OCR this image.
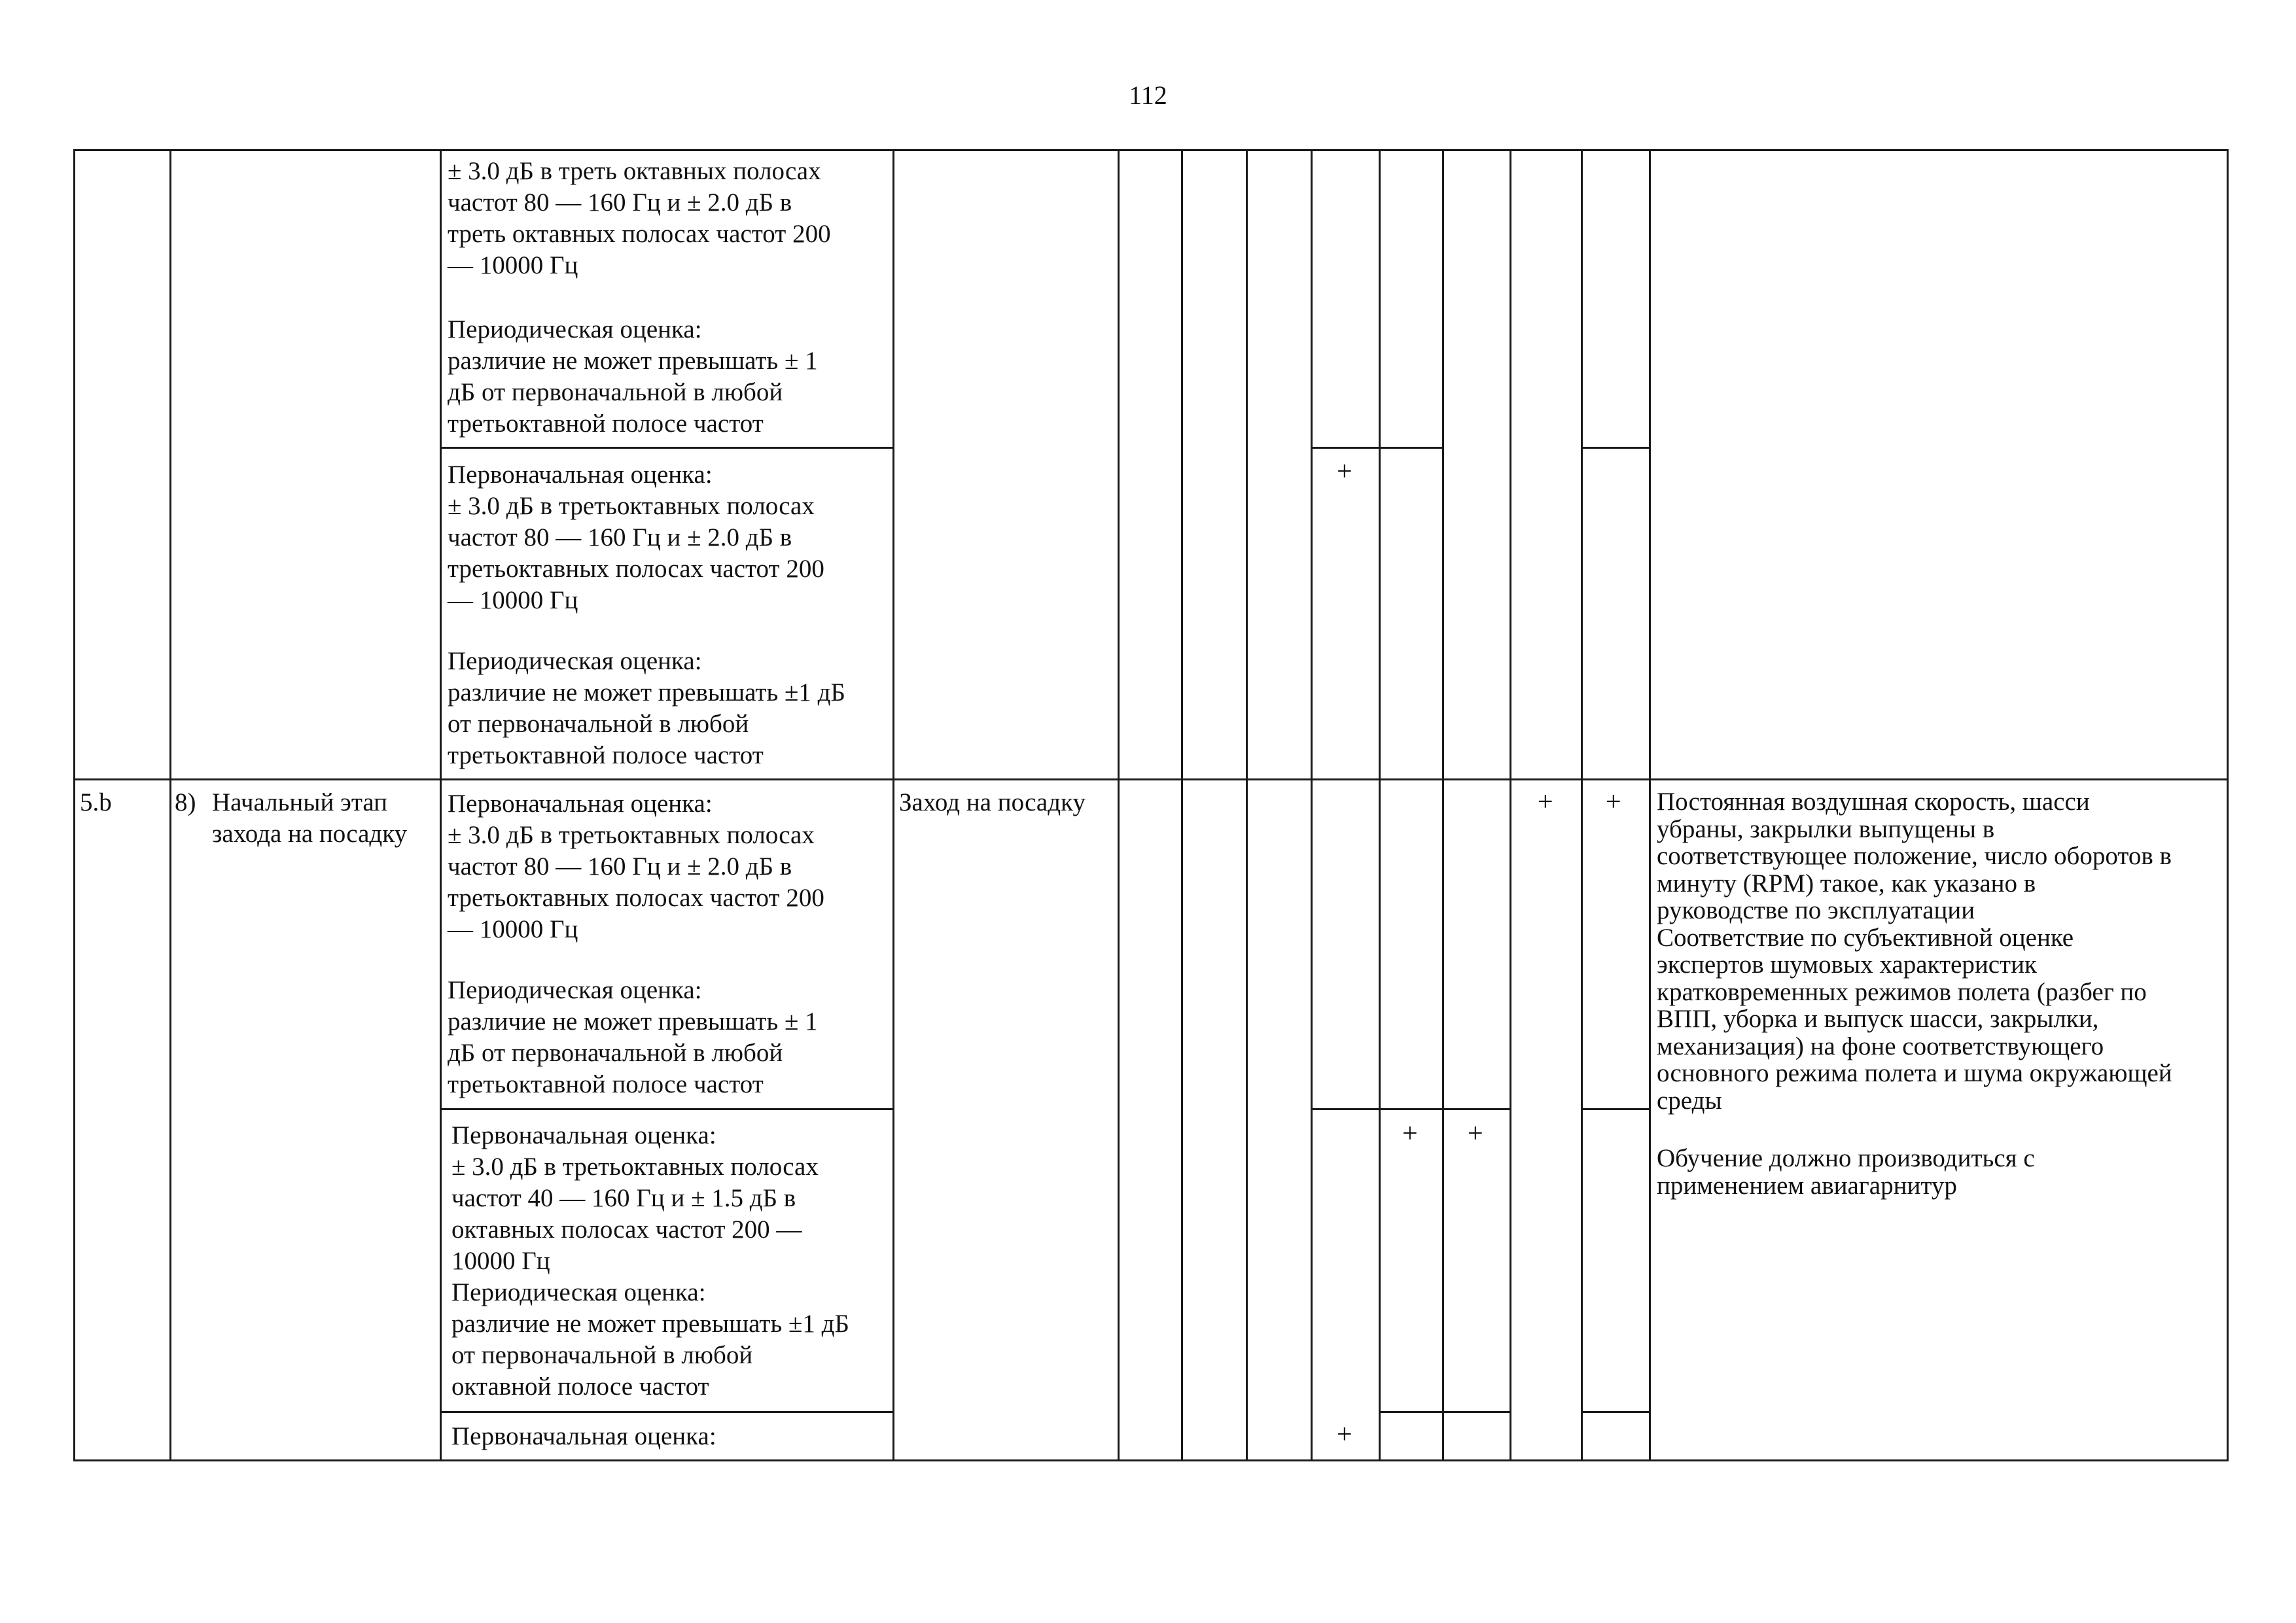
112
± 3.0 дБ в треть октавных полосах
частот 80 — 160 Гц и ± 2.0 дБ в
треть октавных полосах частот 200
— 10000 Гц
Периодическая оценка:
различие не может превышать ± 1
дБ от первоначальной в любой
третьоктавной полосе частот
Первоначальная оценка:
± 3.0 дБ в третьоктавных полосах
частот 80 — 160 Гц и ± 2.0 дБ в
третьоктавных полосах частот 200
— 10000 Гц
Периодическая оценка:
различие не может превышать ±1 дБ
от первоначальной в любой
третьоктавной полосе частот
+
5.b 8) Начальный этап
захода на посадку
Первоначальная оценка:
± 3.0 дБ в третьоктавных полосах
частот 80 — 160 Гц и ± 2.0 дБ в
третьоктавных полосах частот 200
— 10000 Гц
Периодическая оценка:
различие не может превышать ± 1
дБ от первоначальной в любой
третьоктавной полосе частот
Заход на посадку	+ + Постоянная воздушная скорость, шасси
убраны, закрылки выпущены в
соответствующее положение, число оборотов в
минуту (RPM) такое, как указано в
руководстве по эксплуатации
Соответствие по субъективной оценке
экспертов шумовых характеристик
кратковременных режимов полета (разбег по
ВПП, уборка и выпуск шасси, закрылки,
механизация) на фоне соответствующего
основного режима полета и шума окружающей
среды
Обучение должно производиться с
применением авиагарнитур
Первоначальная оценка:
± 3.0 дБ в третьоктавных полосах
частот 40 — 160 Гц и ± 1.5 дБ в
октавных полосах частот 200 —
10000 Гц
Периодическая оценка:
различие не может превышать ±1 дБ
от первоначальной в любой
октавной полосе частот
+ +
Первоначальная оценка:	+
